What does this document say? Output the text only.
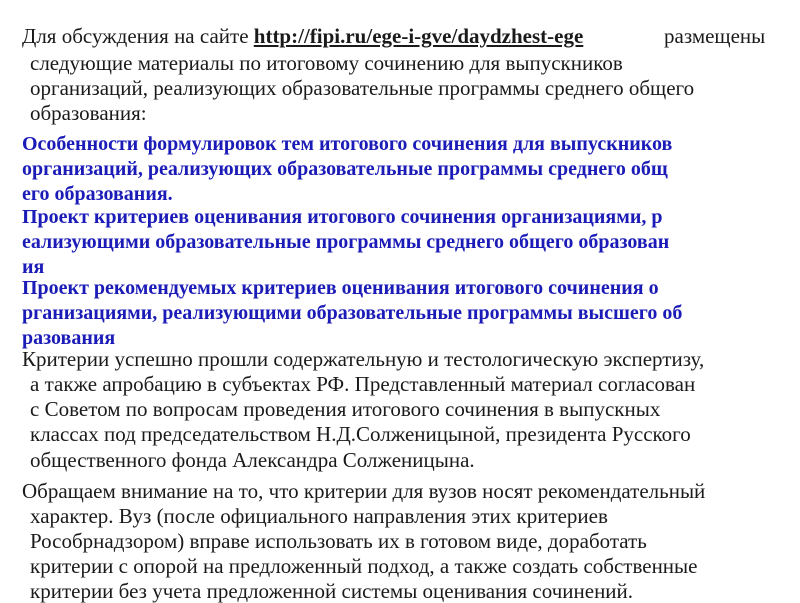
Для обсуждения на сайте http://fipi.ru/ege-i-gve/daydzhest-ege	размещены
следующие материалы по итоговому сочинению для выпускников
организаций, реализующих образовательные программы среднего общего
образования:
Особенности формулировок тем итогового сочинения для выпускников
организаций, реализующих образовательные программы среднего общ
его образования.
Проект критериев оценивания итогового сочинения организациями, р
еализующими образовательные программы среднего общего образован
ия
Проект рекомендуемых критериев оценивания итогового сочинения о
рганизациями, реализующими образовательные программы высшего об
разования
Критерии успешно прошли содержательную и тестологическую экспертизу,
а также апробацию в субъектах РФ. Представленный материал согласован
с Советом по вопросам проведения итогового сочинения в выпускных
классах под председательством Н.Д.Солженицыной, президента Русского
общественного фонда Александра Солженицына.
Обращаем внимание на то, что критерии для вузов носят рекомендательный
характер. Вуз (после официального направления этих критериев
Рособрнадзором) вправе использовать их в готовом виде, доработать
критерии с опорой на предложенный подход, а также создать собственные
критерии без учета предложенной системы оценивания сочинений.
